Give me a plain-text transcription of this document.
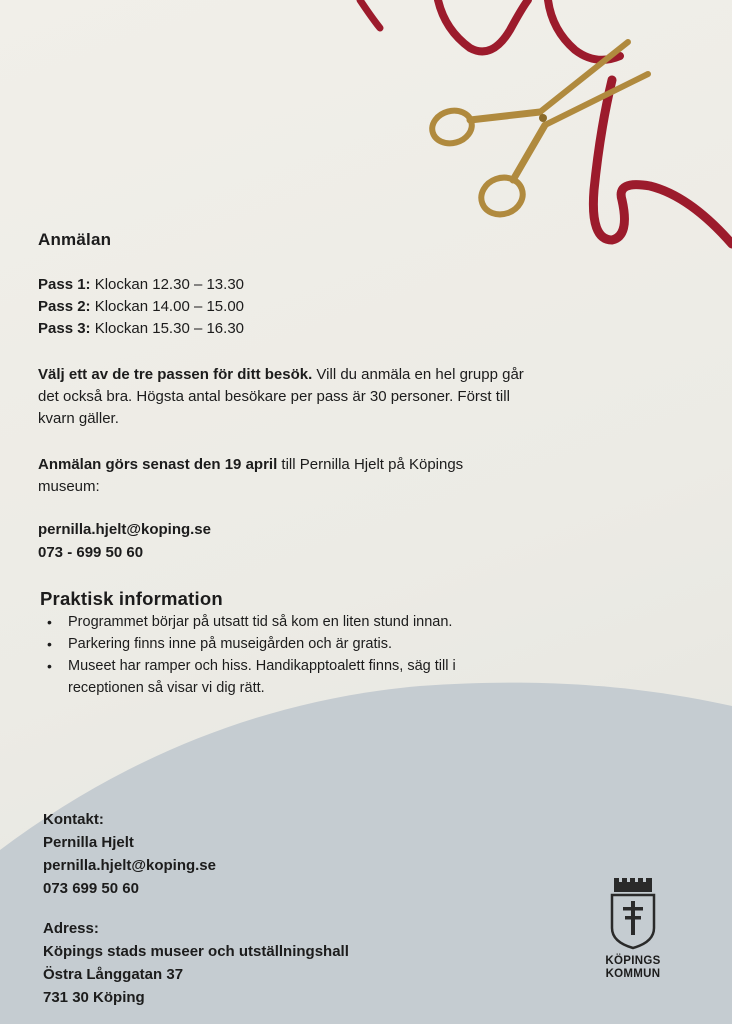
Anmälan
Pass 1: Klockan 12.30 – 13.30
Pass 2: Klockan 14.00 – 15.00
Pass 3: Klockan 15.30 – 16.30

Välj ett av de tre passen för ditt besök. Vill du anmäla en hel grupp går det också bra. Högsta antal besökare per pass är 30 personer. Först till kvarn gäller.

Anmälan görs senast den 19 april till Pernilla Hjelt på Köpings museum:

pernilla.hjelt@koping.se
073 - 699 50 60
Praktisk information
• Programmet börjar på utsatt tid så kom en liten stund innan.
• Parkering finns inne på museigården och är gratis.
• Museet har ramper och hiss. Handikapptoalett finns, säg till i receptionen så visar vi dig rätt.
Kontakt:
Pernilla Hjelt
pernilla.hjelt@koping.se
073 699 50 60
Adress:
Köpings stads museer och utställningshall
Östra Långgatan 37
731 30 Köping
KÖPINGS
KOMMUN
